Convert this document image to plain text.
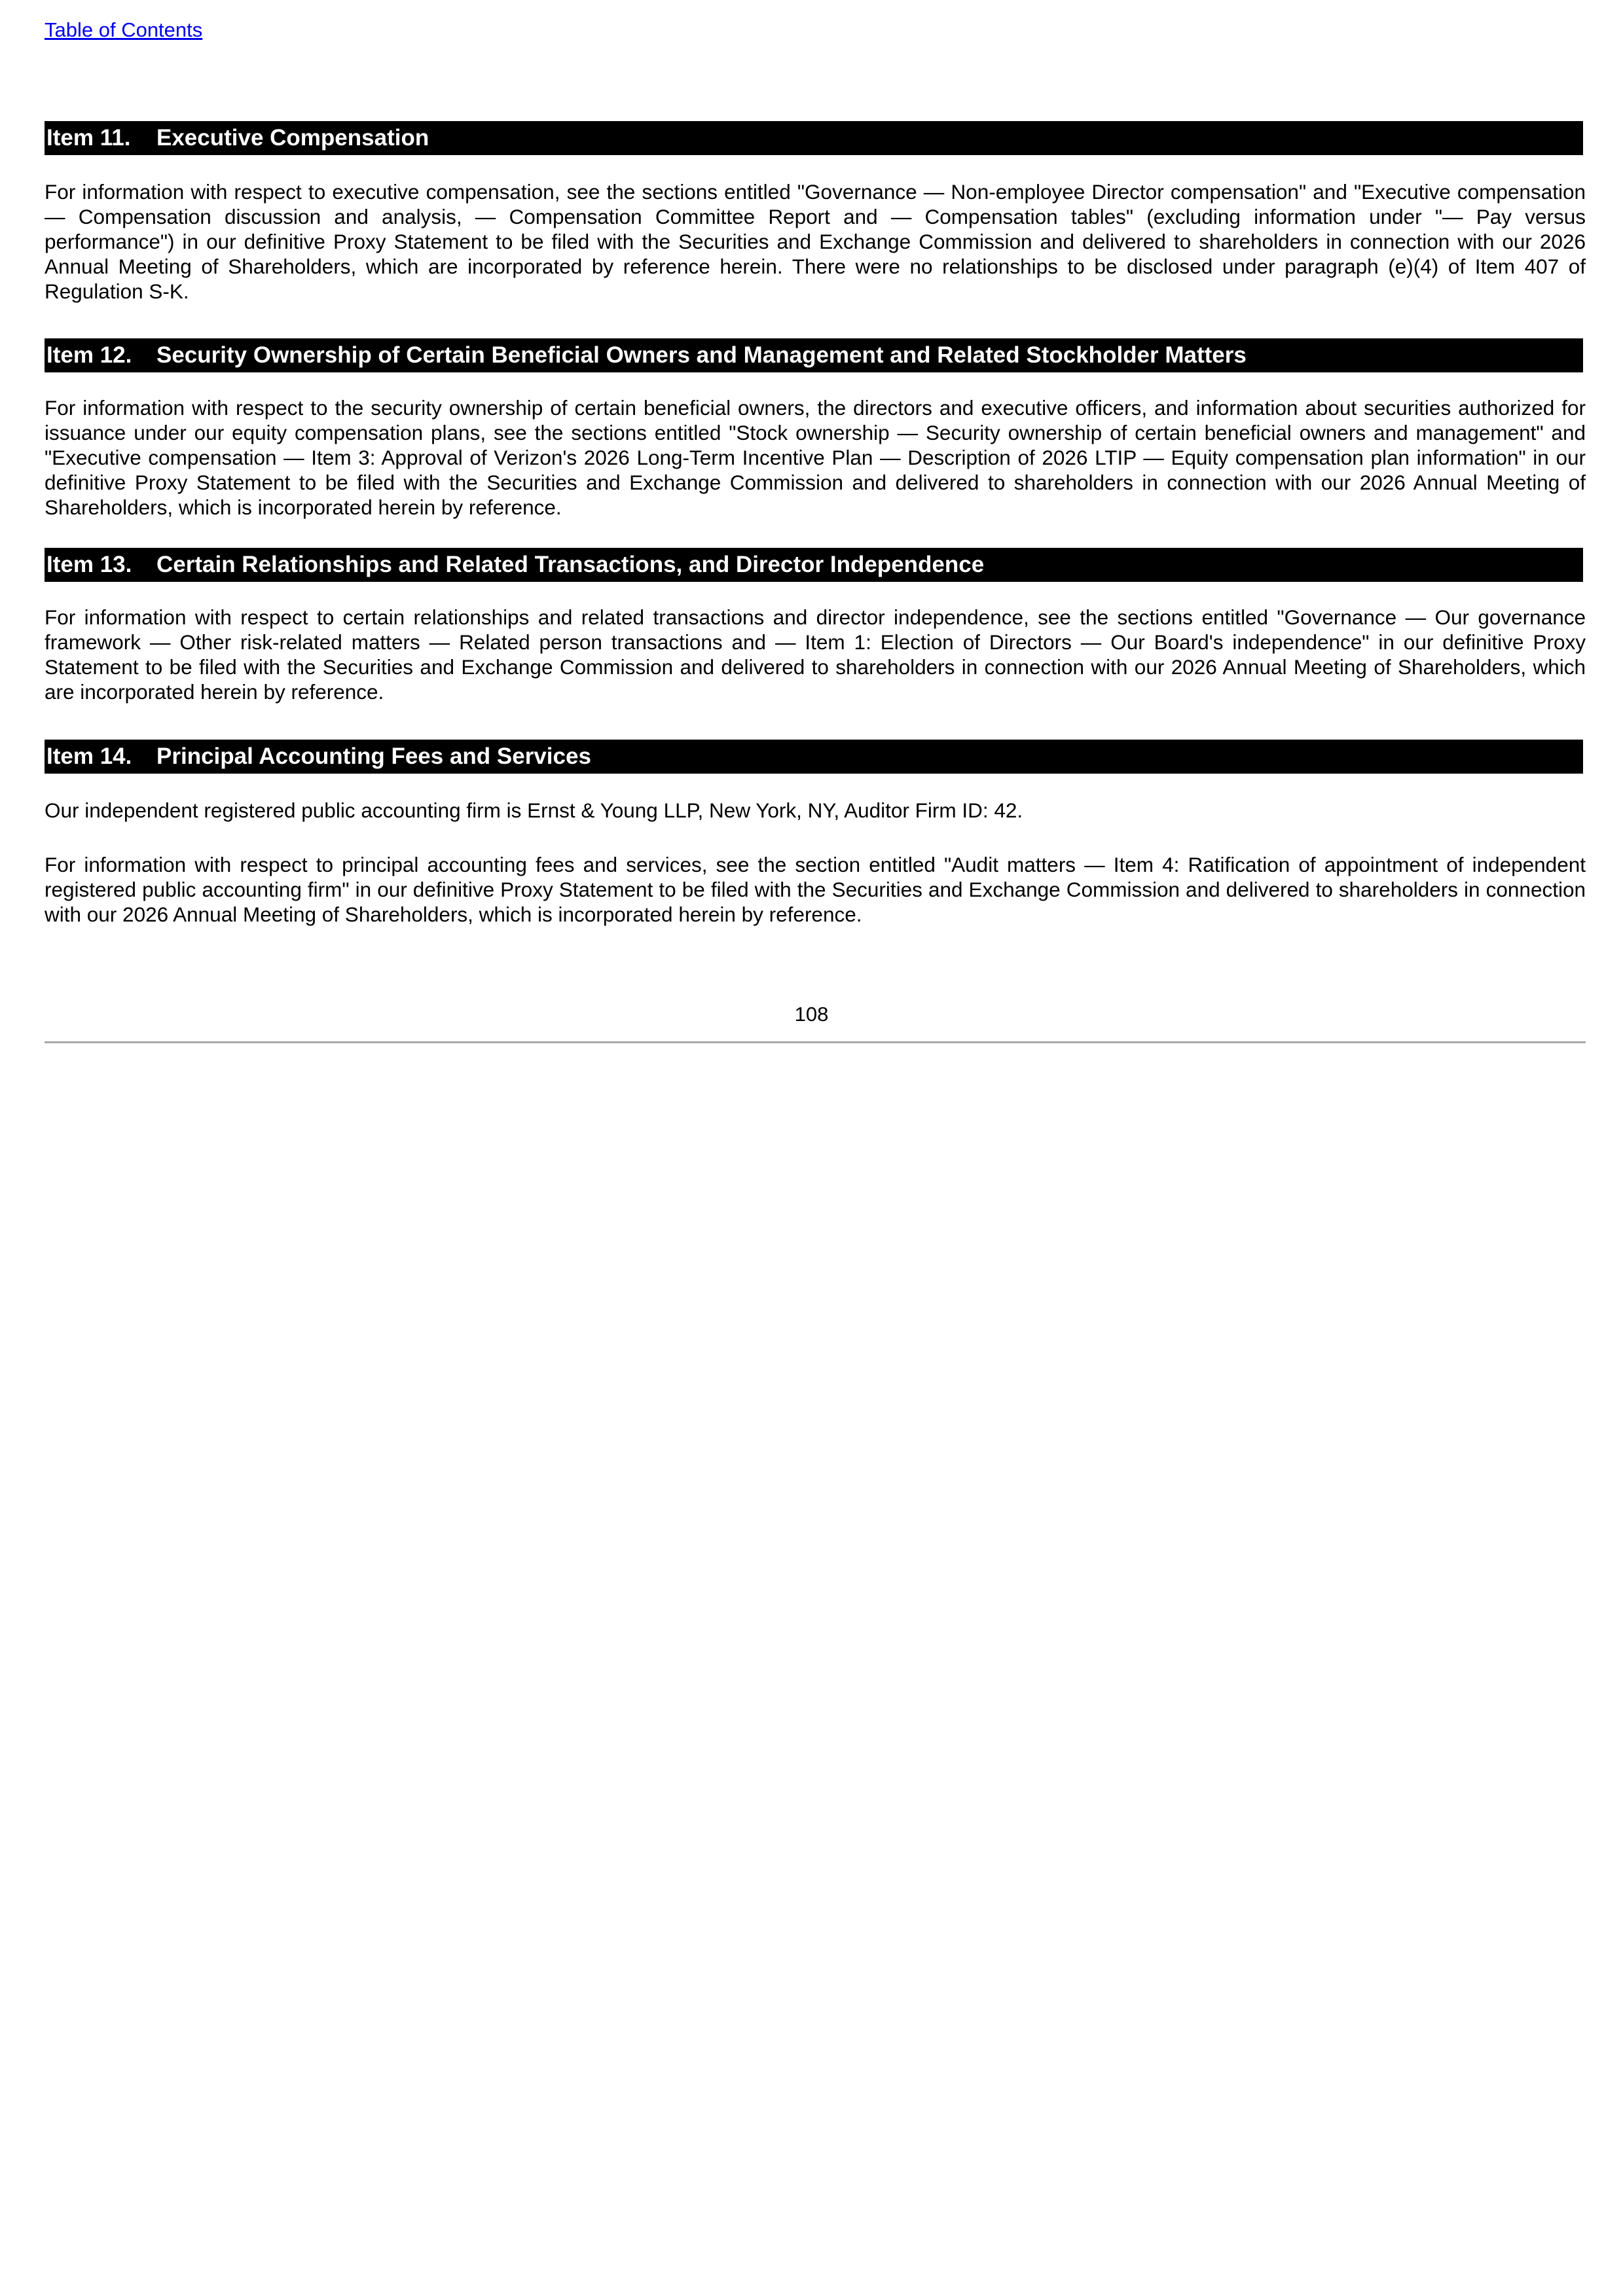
Table of Contents
Item 11. Executive Compensation

For information with respect to executive compensation, see the sections entitled "Governance — Non-employee Director compensation" and "Executive compensation — Compensation discussion and analysis, — Compensation Committee Report and — Compensation tables" (excluding information under "— Pay versus performance") in our definitive Proxy Statement to be filed with the Securities and Exchange Commission and delivered to shareholders in connection with our 2026 Annual Meeting of Shareholders, which are incorporated by reference herein. There were no relationships to be disclosed under paragraph (e)(4) of Item 407 of Regulation S-K.

Item 12. Security Ownership of Certain Beneficial Owners and Management and Related Stockholder Matters

For information with respect to the security ownership of certain beneficial owners, the directors and executive officers, and information about securities authorized for issuance under our equity compensation plans, see the sections entitled "Stock ownership — Security ownership of certain beneficial owners and management" and "Executive compensation — Item 3: Approval of Verizon's 2026 Long-Term Incentive Plan — Description of 2026 LTIP — Equity compensation plan information" in our definitive Proxy Statement to be filed with the Securities and Exchange Commission and delivered to shareholders in connection with our 2026 Annual Meeting of Shareholders, which is incorporated herein by reference.

Item 13. Certain Relationships and Related Transactions, and Director Independence

For information with respect to certain relationships and related transactions and director independence, see the sections entitled "Governance — Our governance framework — Other risk-related matters — Related person transactions and — Item 1: Election of Directors — Our Board's independence" in our definitive Proxy Statement to be filed with the Securities and Exchange Commission and delivered to shareholders in connection with our 2026 Annual Meeting of Shareholders, which are incorporated herein by reference.

Item 14. Principal Accounting Fees and Services

Our independent registered public accounting firm is Ernst & Young LLP, New York, NY, Auditor Firm ID: 42.

For information with respect to principal accounting fees and services, see the section entitled "Audit matters — Item 4: Ratification of appointment of independent registered public accounting firm" in our definitive Proxy Statement to be filed with the Securities and Exchange Commission and delivered to shareholders in connection with our 2026 Annual Meeting of Shareholders, which is incorporated herein by reference.

108
